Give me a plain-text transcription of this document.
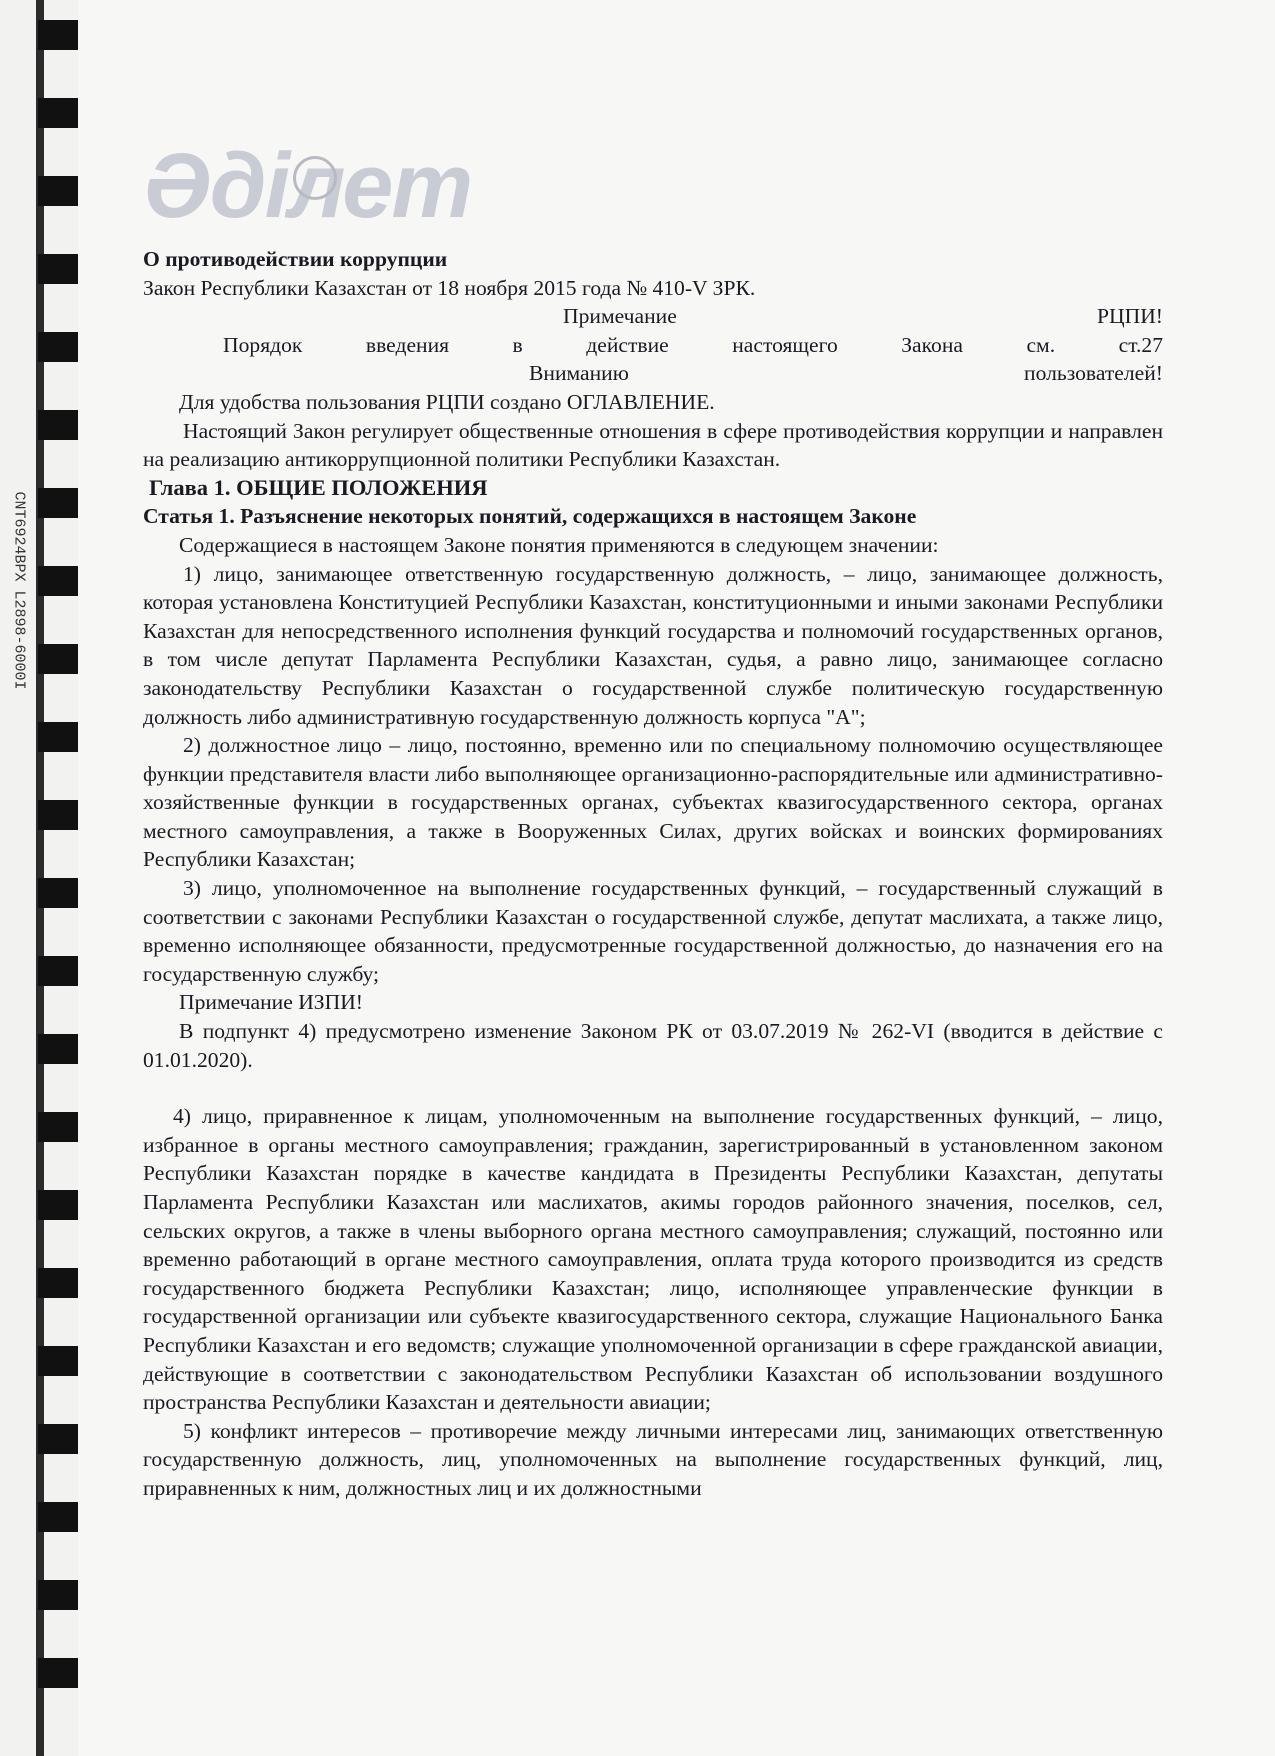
CNT6924BPX L2898-6000I
Әділет

О противодействии коррупции

Закон Республики Казахстан от 18 ноября 2015 года № 410-V ЗРК.

Примечание	РЦПИ!

Порядок введения в действие настоящего Закона см. ст.27

Вниманию	пользователей!

Для удобства пользования РЦПИ создано ОГЛАВЛЕНИЕ.

Настоящий Закон регулирует общественные отношения в сфере противодействия коррупции и направлен на реализацию антикоррупционной политики Республики Казахстан.

Глава 1. ОБЩИЕ ПОЛОЖЕНИЯ

Статья 1. Разъяснение некоторых понятий, содержащихся в настоящем Законе

Содержащиеся в настоящем Законе понятия применяются в следующем значении:

1) лицо, занимающее ответственную государственную должность, – лицо, занимающее должность, которая установлена Конституцией Республики Казахстан, конституционными и иными законами Республики Казахстан для непосредственного исполнения функций государства и полномочий государственных органов, в том числе депутат Парламента Республики Казахстан, судья, а равно лицо, занимающее согласно законодательству Республики Казахстан о государственной службе политическую государственную должность либо административную государственную должность корпуса "А";

2) должностное лицо – лицо, постоянно, временно или по специальному полномочию осуществляющее функции представителя власти либо выполняющее организационно-распорядительные или административно-хозяйственные функции в государственных органах, субъектах квазигосударственного сектора, органах местного самоуправления, а также в Вооруженных Силах, других войсках и воинских формированиях Республики Казахстан;

3) лицо, уполномоченное на выполнение государственных функций, – государственный служащий в соответствии с законами Республики Казахстан о государственной службе, депутат маслихата, а также лицо, временно исполняющее обязанности, предусмотренные государственной должностью, до назначения его на государственную службу;

Примечание ИЗПИ!

В подпункт 4) предусмотрено изменение Законом РК от 03.07.2019 № 262-VI (вводится в действие с 01.01.2020).

4) лицо, приравненное к лицам, уполномоченным на выполнение государственных функций, – лицо, избранное в органы местного самоуправления; гражданин, зарегистрированный в установленном законом Республики Казахстан порядке в качестве кандидата в Президенты Республики Казахстан, депутаты Парламента Республики Казахстан или маслихатов, акимы городов районного значения, поселков, сел, сельских округов, а также в члены выборного органа местного самоуправления; служащий, постоянно или временно работающий в органе местного самоуправления, оплата труда которого производится из средств государственного бюджета Республики Казахстан; лицо, исполняющее управленческие функции в государственной организации или субъекте квазигосударственного сектора, служащие Национального Банка Республики Казахстан и его ведомств; служащие уполномоченной организации в сфере гражданской авиации, действующие в соответствии с законодательством Республики Казахстан об использовании воздушного пространства Республики Казахстан и деятельности авиации;

5) конфликт интересов – противоречие между личными интересами лиц, занимающих ответственную государственную должность, лиц, уполномоченных на выполнение государственных функций, лиц, приравненных к ним, должностных лиц и их должностными
